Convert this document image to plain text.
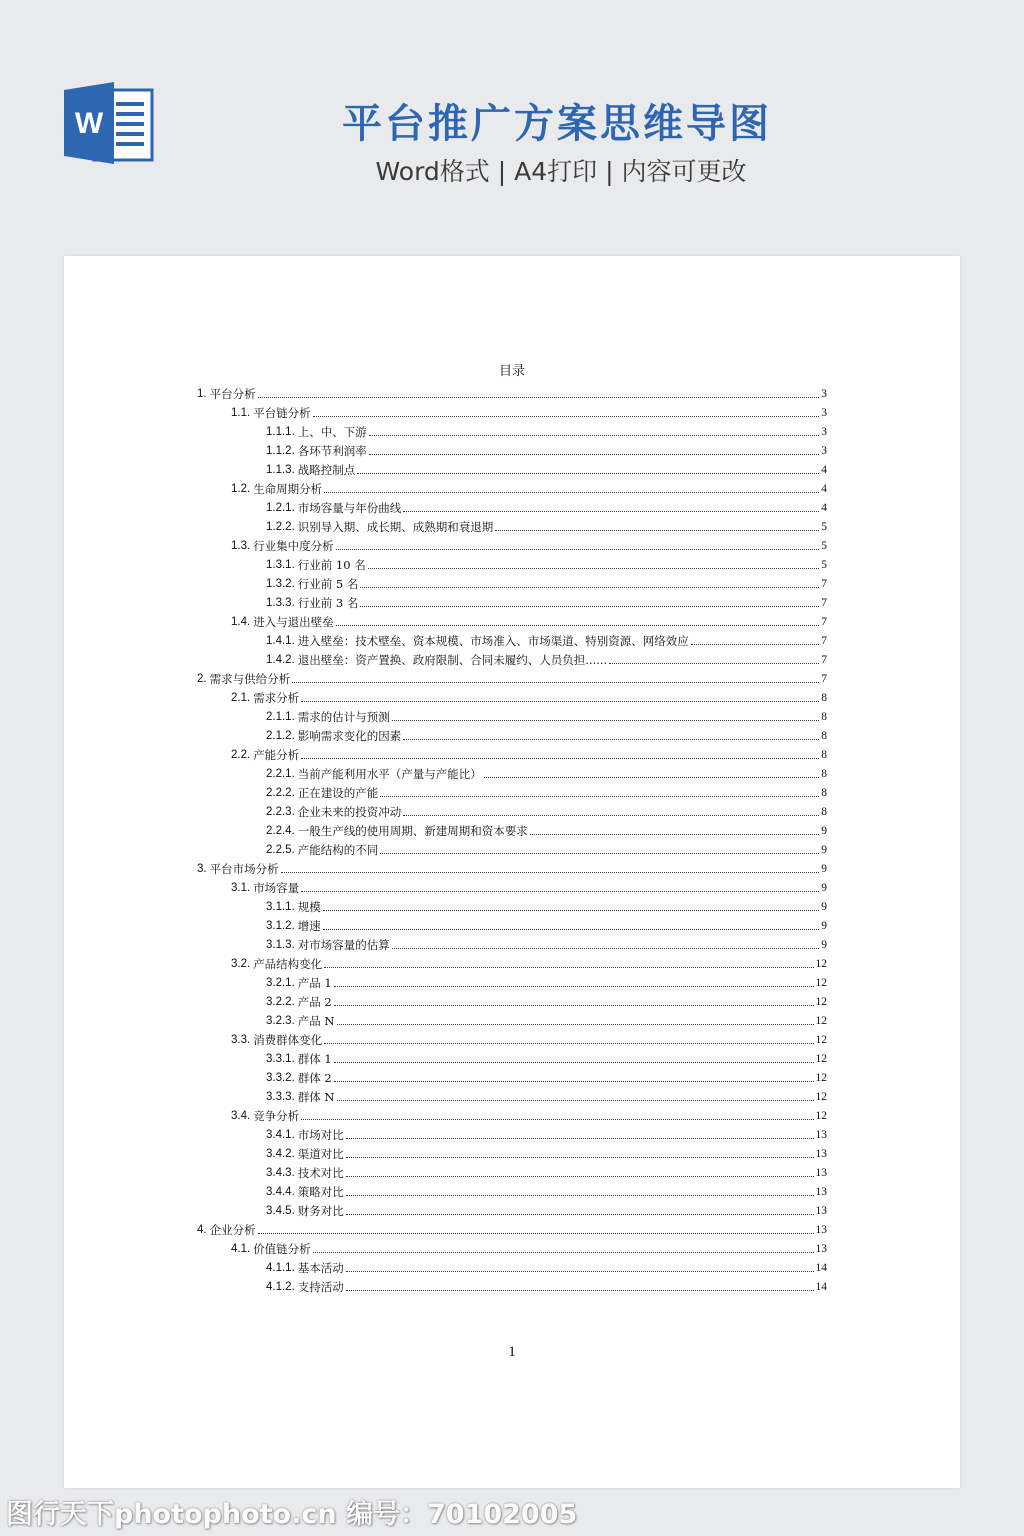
W	平台推广方案思维导图
Word格式 | A4打印 | 内容可更改
目录
1. 平台分析	3
1.1. 平台链分析	3
1.1.1. 上、中、下游	3
1.1.2. 各环节利润率	3
1.1.3. 战略控制点	4
1.2. 生命周期分析	4
1.2.1. 市场容量与年份曲线	4
1.2.2. 识别导入期、成长期、成熟期和衰退期	5
1.3. 行业集中度分析	5
1.3.1. 行业前 10 名	5
1.3.2. 行业前 5 名	7
1.3.3. 行业前 3 名	7
1.4. 进入与退出壁垒	7
1.4.1. 进入壁垒：技术壁垒、资本规模、市场准入、市场渠道、特别资源、网络效应	7
1.4.2. 退出壁垒：资产置换、政府限制、合同未履约、人员负担......	7
2. 需求与供给分析	7
2.1. 需求分析	8
2.1.1. 需求的估计与预测	8
2.1.2. 影响需求变化的因素	8
2.2. 产能分析	8
2.2.1. 当前产能利用水平（产量与产能比）	8
2.2.2. 正在建设的产能	8
2.2.3. 企业未来的投资冲动	8
2.2.4. 一般生产线的使用周期、新建周期和资本要求	9
2.2.5. 产能结构的不同	9
3. 平台市场分析	9
3.1. 市场容量	9
3.1.1. 规模	9
3.1.2. 增速	9
3.1.3. 对市场容量的估算	9
3.2. 产品结构变化	12
3.2.1. 产品 1	12
3.2.2. 产品 2	12
3.2.3. 产品 N	12
3.3. 消费群体变化	12
3.3.1. 群体 1	12
3.3.2. 群体 2	12
3.3.3. 群体 N	12
3.4. 竞争分析	12
3.4.1. 市场对比	13
3.4.2. 渠道对比	13
3.4.3. 技术对比	13
3.4.4. 策略对比	13
3.4.5. 财务对比	13
4. 企业分析	13
4.1. 价值链分析	13
4.1.1. 基本活动	14
4.1.2. 支持活动	14
1
图行天下photophoto.cn 编号：70102005
